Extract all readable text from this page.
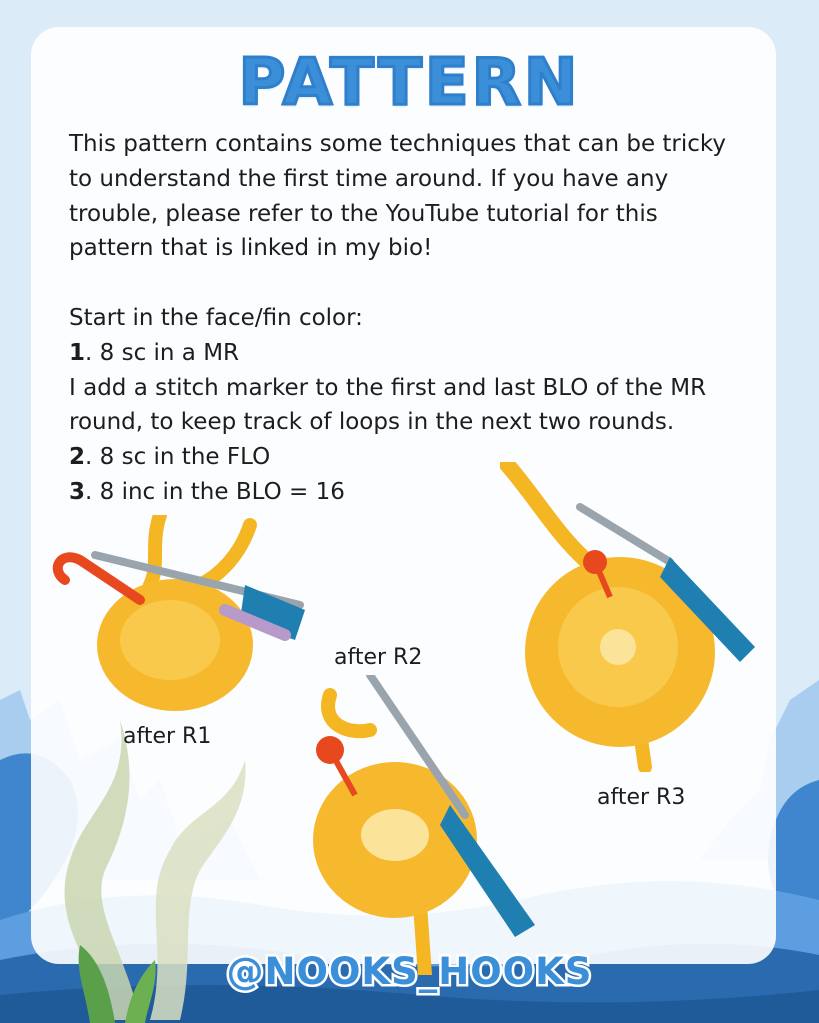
PATTERN

This pattern contains some techniques that can be tricky to understand the first time around. If you have any trouble, please refer to the YouTube tutorial for this pattern that is linked in my bio!

Start in the face/fin color:

1. 8 sc in a MR

I add a stitch marker to the first and last BLO of the MR round, to keep track of loops in the next two rounds.

2. 8 sc in the FLO

3. 8 inc in the BLO = 16

after R1
after R2
after R3
@NOOKS_HOOKS
